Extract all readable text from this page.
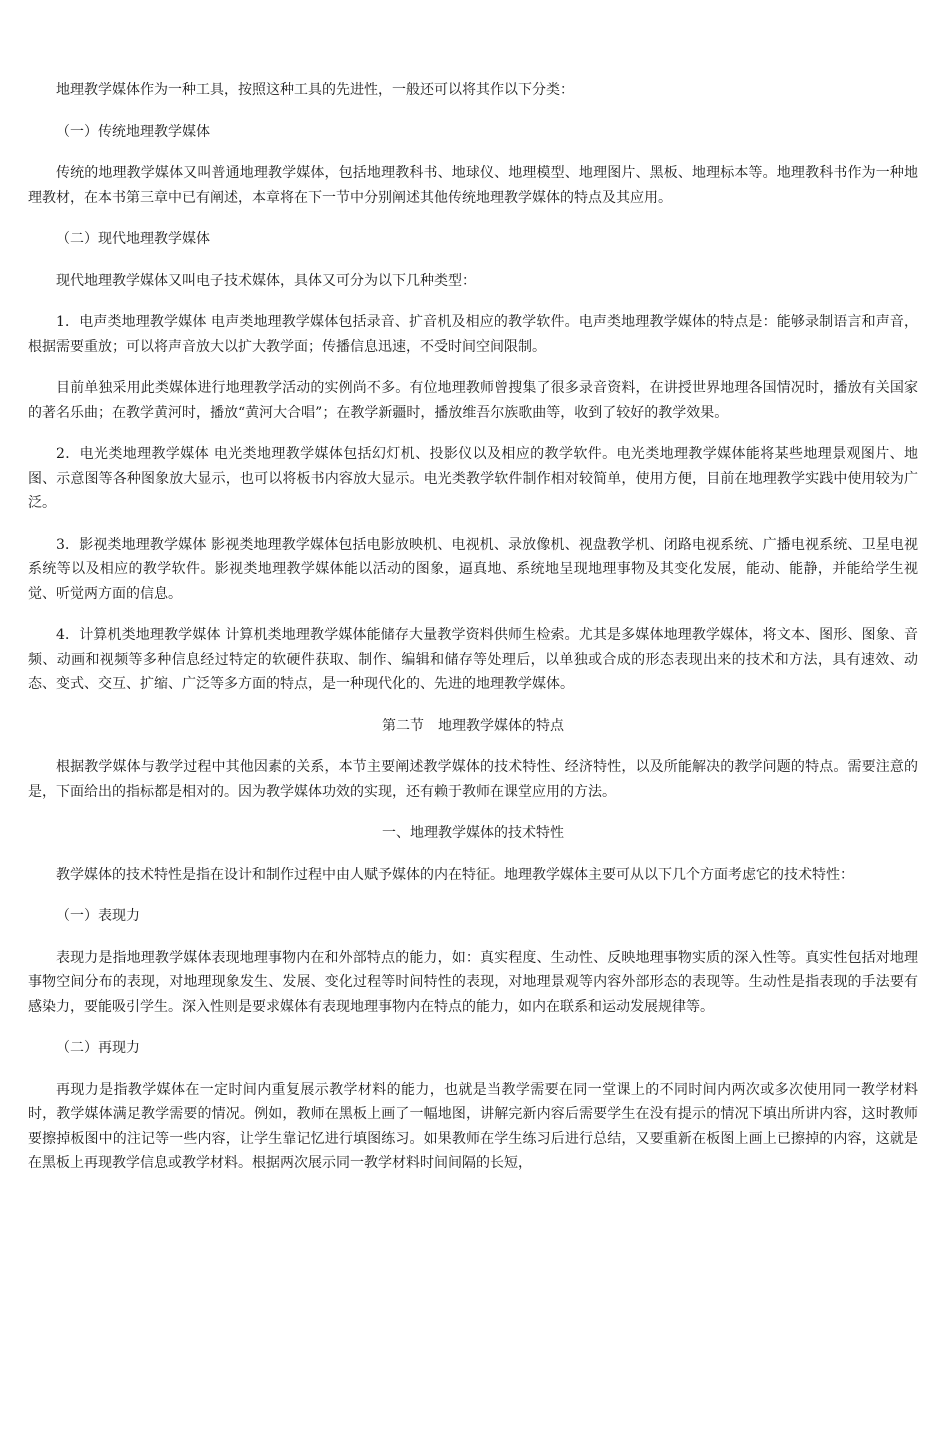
地理教学媒体作为一种工具，按照这种工具的先进性，一般还可以将其作以下分类：

（一）传统地理教学媒体

传统的地理教学媒体又叫普通地理教学媒体，包括地理教科书、地球仪、地理模型、地理图片、黑板、地理标本等。地理教科书作为一种地理教材，在本书第三章中已有阐述，本章将在下一节中分别阐述其他传统地理教学媒体的特点及其应用。

（二）现代地理教学媒体

现代地理教学媒体又叫电子技术媒体，具体又可分为以下几种类型：

1．电声类地理教学媒体 电声类地理教学媒体包括录音、扩音机及相应的教学软件。电声类地理教学媒体的特点是：能够录制语言和声音，根据需要重放；可以将声音放大以扩大教学面；传播信息迅速，不受时间空间限制。

目前单独采用此类媒体进行地理教学活动的实例尚不多。有位地理教师曾搜集了很多录音资料，在讲授世界地理各国情况时，播放有关国家的著名乐曲；在教学黄河时，播放“黄河大合唱”；在教学新疆时，播放维吾尔族歌曲等，收到了较好的教学效果。

2．电光类地理教学媒体 电光类地理教学媒体包括幻灯机、投影仪以及相应的教学软件。电光类地理教学媒体能将某些地理景观图片、地图、示意图等各种图象放大显示，也可以将板书内容放大显示。电光类教学软件制作相对较简单，使用方便，目前在地理教学实践中使用较为广泛。

3．影视类地理教学媒体 影视类地理教学媒体包括电影放映机、电视机、录放像机、视盘教学机、闭路电视系统、广播电视系统、卫星电视系统等以及相应的教学软件。影视类地理教学媒体能以活动的图象，逼真地、系统地呈现地理事物及其变化发展，能动、能静，并能给学生视觉、听觉两方面的信息。

4．计算机类地理教学媒体 计算机类地理教学媒体能储存大量教学资料供师生检索。尤其是多媒体地理教学媒体，将文本、图形、图象、音频、动画和视频等多种信息经过特定的软硬件获取、制作、编辑和储存等处理后，以单独或合成的形态表现出来的技术和方法，具有速效、动态、变式、交互、扩缩、广泛等多方面的特点，是一种现代化的、先进的地理教学媒体。

第二节　地理教学媒体的特点

根据教学媒体与教学过程中其他因素的关系，本节主要阐述教学媒体的技术特性、经济特性，以及所能解决的教学问题的特点。需要注意的是，下面给出的指标都是相对的。因为教学媒体功效的实现，还有赖于教师在课堂应用的方法。

一、地理教学媒体的技术特性

教学媒体的技术特性是指在设计和制作过程中由人赋予媒体的内在特征。地理教学媒体主要可从以下几个方面考虑它的技术特性：

（一）表现力

表现力是指地理教学媒体表现地理事物内在和外部特点的能力，如：真实程度、生动性、反映地理事物实质的深入性等。真实性包括对地理事物空间分布的表现，对地理现象发生、发展、变化过程等时间特性的表现，对地理景观等内容外部形态的表现等。生动性是指表现的手法要有感染力，要能吸引学生。深入性则是要求媒体有表现地理事物内在特点的能力，如内在联系和运动发展规律等。

（二）再现力

再现力是指教学媒体在一定时间内重复展示教学材料的能力，也就是当教学需要在同一堂课上的不同时间内两次或多次使用同一教学材料时，教学媒体满足教学需要的情况。例如，教师在黑板上画了一幅地图，讲解完新内容后需要学生在没有提示的情况下填出所讲内容，这时教师要擦掉板图中的注记等一些内容，让学生靠记忆进行填图练习。如果教师在学生练习后进行总结，又要重新在板图上画上已擦掉的内容，这就是在黑板上再现教学信息或教学材料。根据两次展示同一教学材料时间间隔的长短，
